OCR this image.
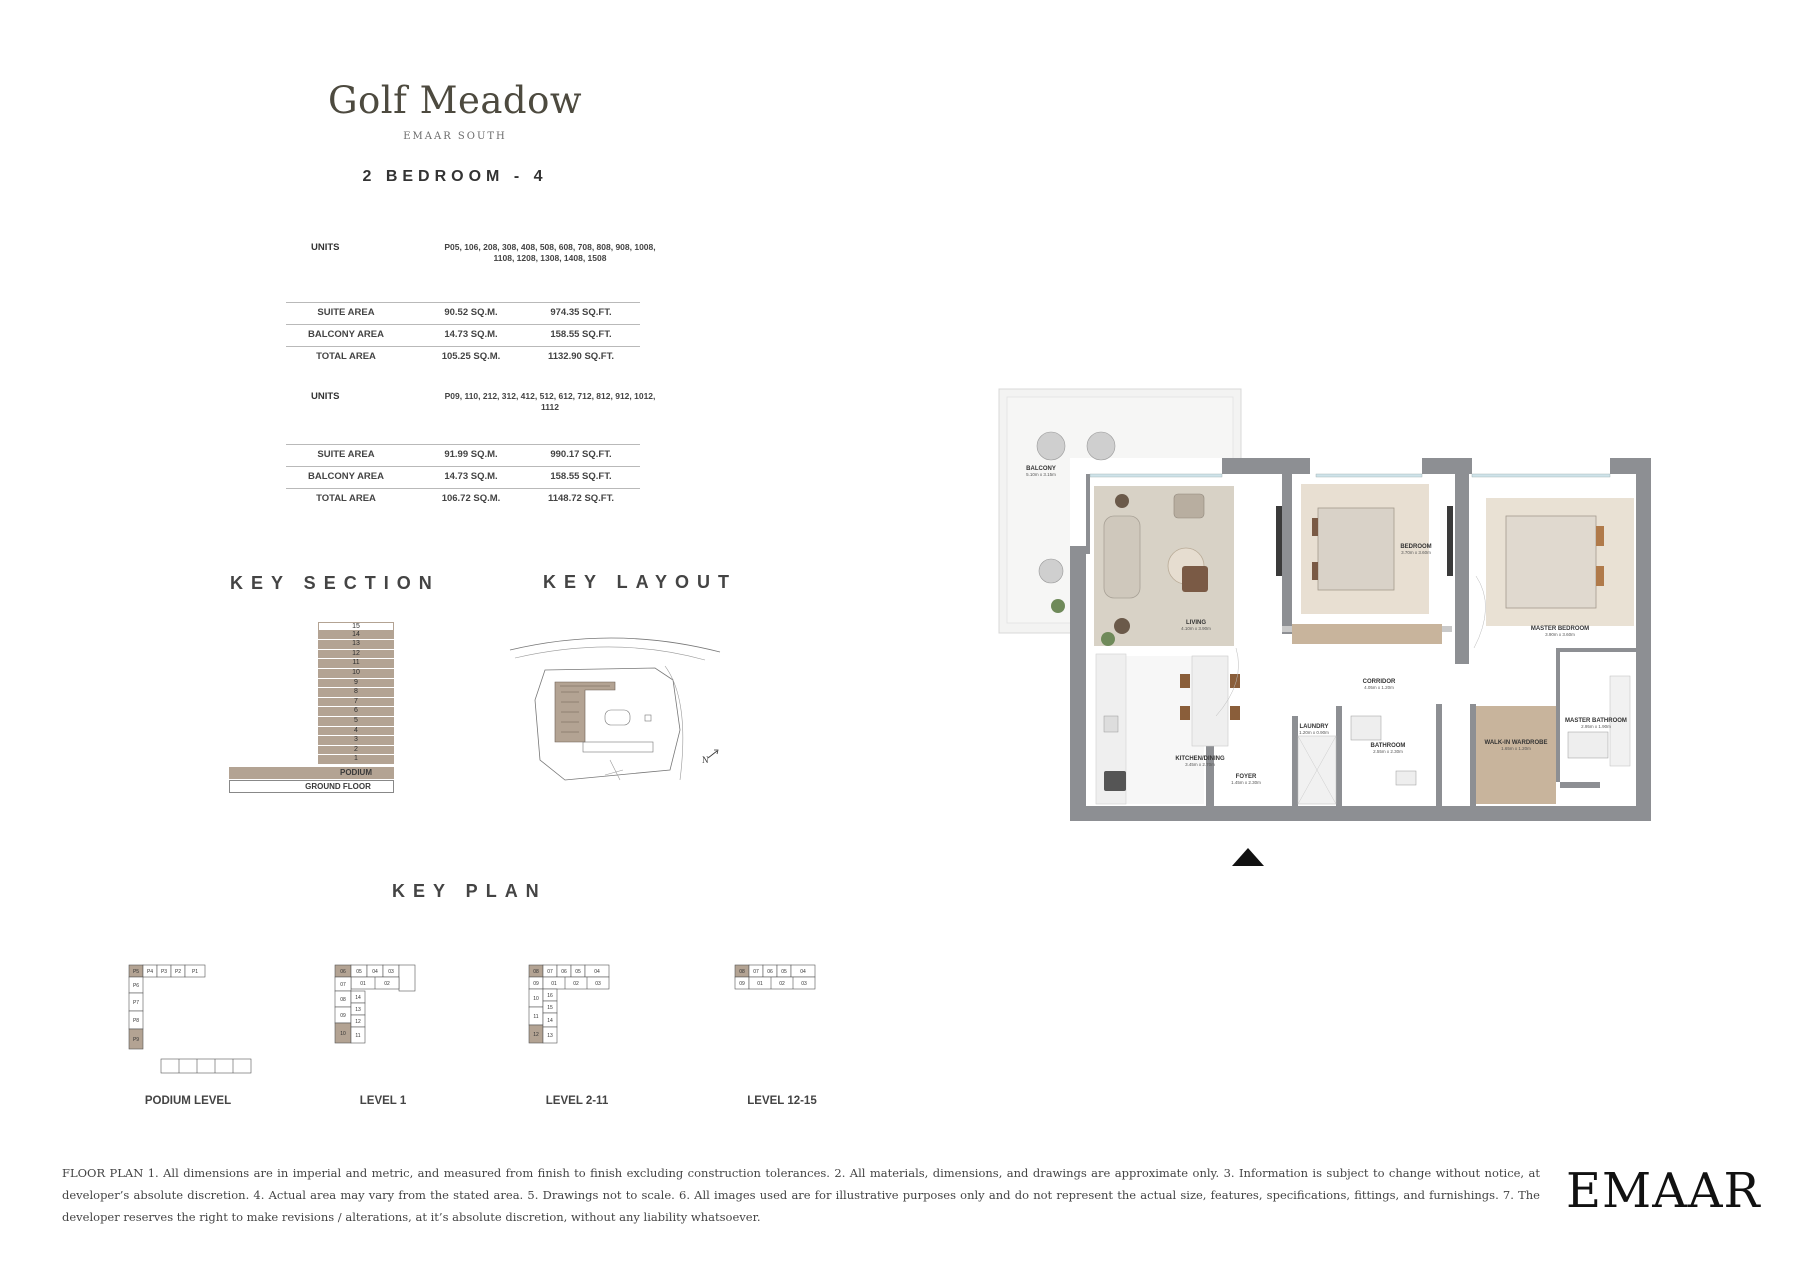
Golf Meadow
EMAAR SOUTH
2 BEDROOM - 4
UNITS	P05, 106, 208, 308, 408, 508, 608, 708, 808, 908, 1008, 1108, 1208, 1308, 1408, 1508
SUITE AREA	90.52 SQ.M.	974.35 SQ.FT.
BALCONY AREA	14.73 SQ.M.	158.55 SQ.FT.
TOTAL AREA	105.25 SQ.M.	1132.90 SQ.FT.
UNITS	P09, 110, 212, 312, 412, 512, 612, 712, 812, 912, 1012, 1112
SUITE AREA	91.99 SQ.M.	990.17 SQ.FT.
BALCONY AREA	14.73 SQ.M.	158.55 SQ.FT.
TOTAL AREA	106.72 SQ.M.	1148.72 SQ.FT.
KEY SECTION
15
14
13
12
11
10
9
8
7
6
5
4
3
2
1
PODIUM
GROUND FLOOR
KEY LAYOUT
N
KEY PLAN
P5 P4 P3 P2 P1
P6
P7
P8
P9
PODIUM LEVEL
06 05 04 03
01	02
07
08
09
10
14
13
12
11
LEVEL 1
08 07 06 05	04
09 01	02	03
10
11
12
16
15
14
13
LEVEL 2-11
08 07 06 05	04
09 01	02	03
LEVEL 12-15
BALCONY
LIVING
BEDROOM
MASTER BEDROOM
CORRIDOR
LAUNDRY
BATHROOM	WALK-IN WARDROBE
MASTER BATHROOM
KITCHEN/DINING
FOYER
5.10m x 3.15m
4.10m x 3.90m
3.70m x 3.60m
3.90m x 3.60m
4.05m x 1.20m
1.20m x 0.90m
2.55m x 2.30m
1.65m x 1.20m
2.95m x 1.90m
3.45m x 2.70m
1.45m x 2.30m
FLOOR PLAN 1. All dimensions are in imperial and metric, and measured from finish to finish excluding construction tolerances. 2. All materials, dimensions, and drawings are approximate only. 3. Information is subject to change without notice, at developer’s absolute discretion. 4. Actual area may vary from the stated area. 5. Drawings not to scale. 6. All images used are for illustrative purposes only and do not represent the actual size, features, specifications, fittings, and furnishings. 7. The developer reserves the right to make revisions / alterations, at it’s absolute discretion, without any liability whatsoever.	EMAAR
